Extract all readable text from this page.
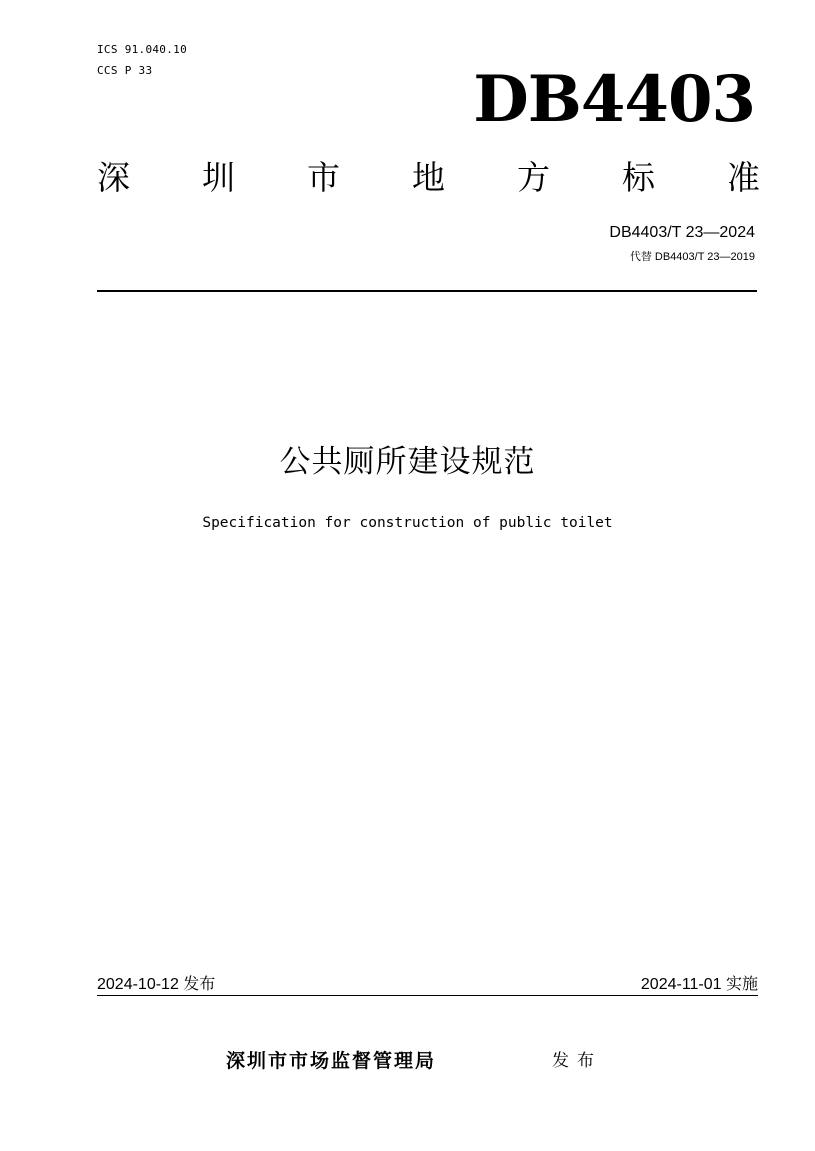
ICS 91.040.10
CCS P 33	DB4403
深 圳 市 地 方 标 准
DB4403/T 23—2024
代替 DB4403/T 23—2019
公共厕所建设规范
Specification for construction of public toilet
2024-10-12 发布	2024-11-01 实施
深圳市市场监督管理局	发布
